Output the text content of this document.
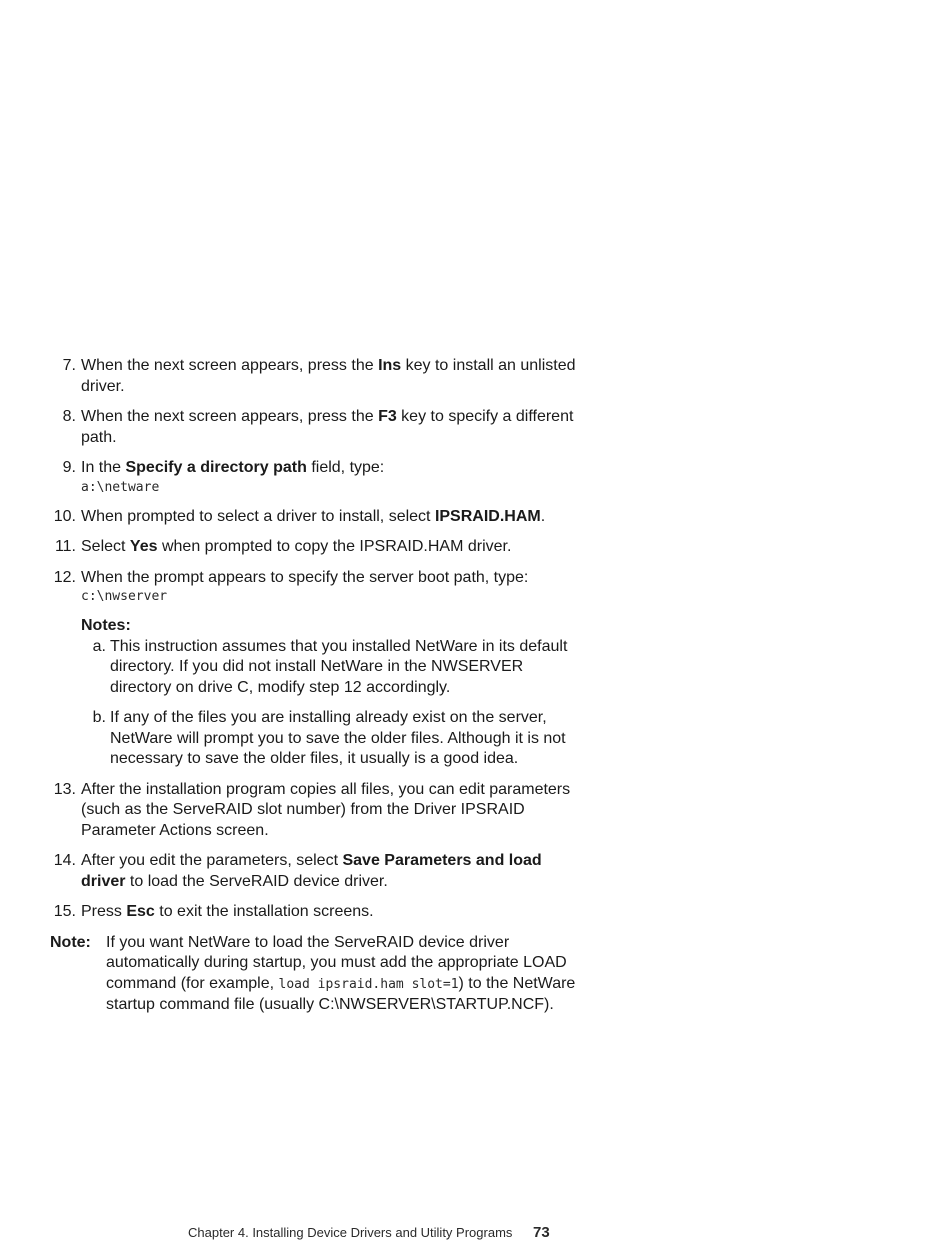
7. When the next screen appears, press the Ins key to install an unlisted driver.

8. When the next screen appears, press the F3 key to specify a different path.

9. In the Specify a directory path field, type:

a:\netware

10. When prompted to select a driver to install, select IPSRAID.HAM.

11. Select Yes when prompted to copy the IPSRAID.HAM driver.

12. When the prompt appears to specify the server boot path, type:

c:\nwserver

Notes:

a. This instruction assumes that you installed NetWare in its default directory. If you did not install NetWare in the NWSERVER directory on drive C, modify step 12 accordingly.

b. If any of the files you are installing already exist on the server, NetWare will prompt you to save the older files. Although it is not necessary to save the older files, it usually is a good idea.

13. After the installation program copies all files, you can edit parameters (such as the ServeRAID slot number) from the Driver IPSRAID Parameter Actions screen.

14. After you edit the parameters, select Save Parameters and load driver to load the ServeRAID device driver.

15. Press Esc to exit the installation screens.

Note: If you want NetWare to load the ServeRAID device driver automatically during startup, you must add the appropriate LOAD command (for example, load ipsraid.ham slot=1) to the NetWare startup command file (usually C:\NWSERVER\STARTUP.NCF).

Chapter 4. Installing Device Drivers and Utility Programs 73
